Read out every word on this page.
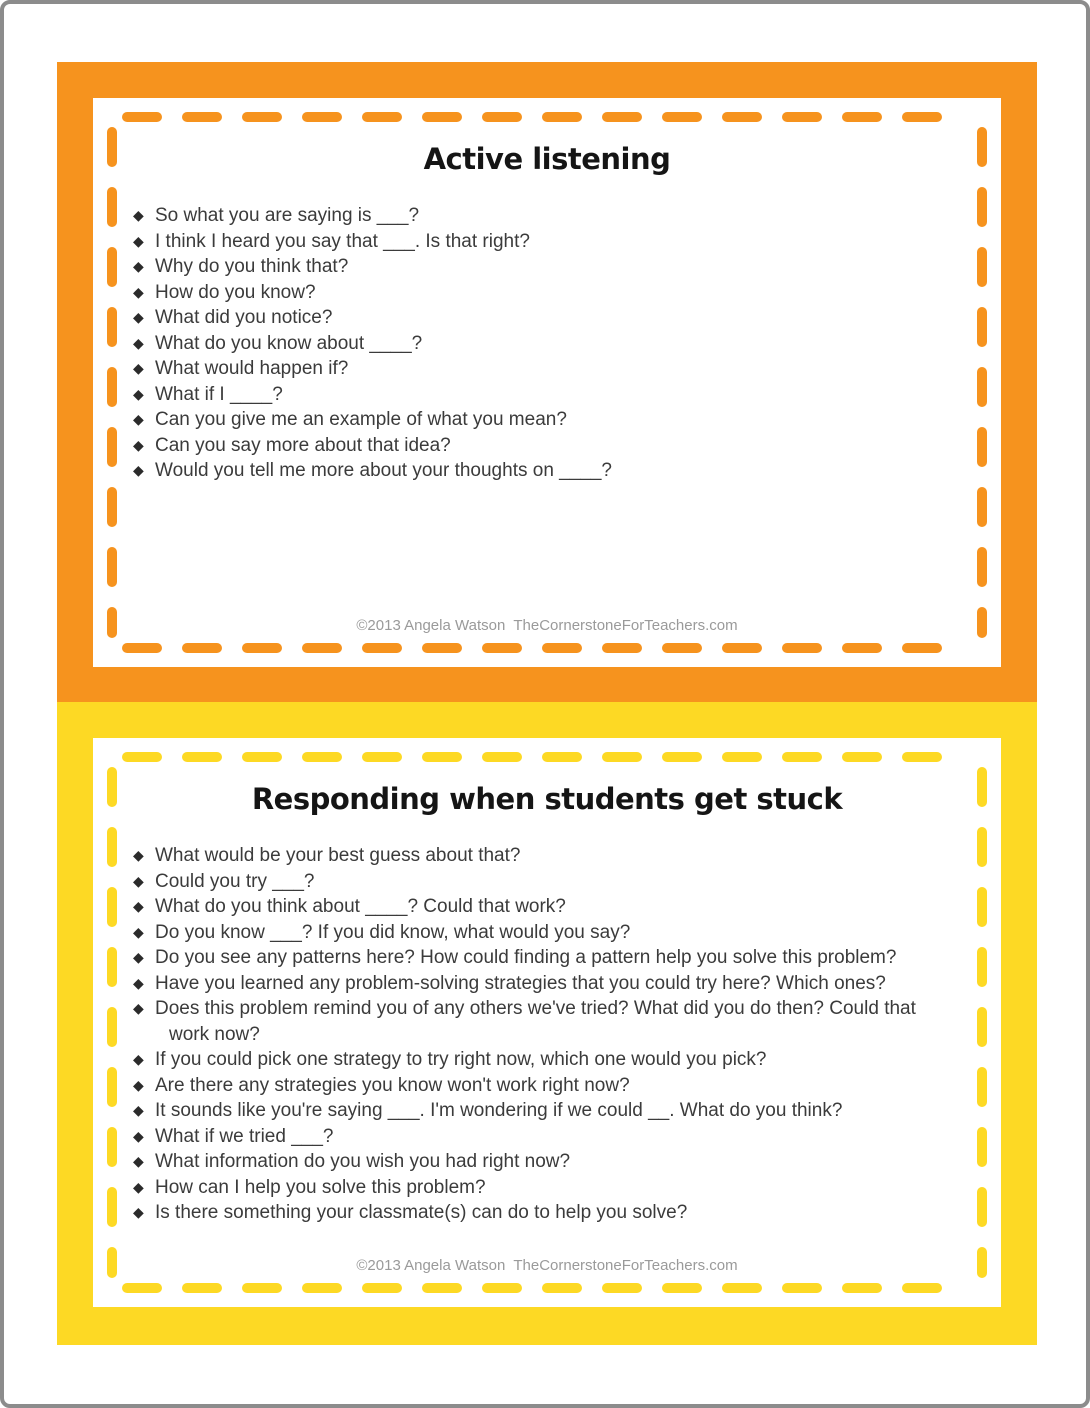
Active listening
◆ So what you are saying is ___?
◆ I think I heard you say that ___. Is that right?
◆ Why do you think that?
◆ How do you know?
◆ What did you notice?
◆ What do you know about ____?
◆ What would happen if?
◆ What if I ____?
◆ Can you give me an example of what you mean?
◆ Can you say more about that idea?
◆ Would you tell me more about your thoughts on ____?
©2013 Angela Watson  TheCornerstoneForTeachers.com
Responding when students get stuck
◆ What would be your best guess about that?
◆ Could you try ___?
◆ What do you think about ____? Could that work?
◆ Do you know ___? If you did know, what would you say?
◆ Do you see any patterns here? How could finding a pattern help you solve this problem?
◆ Have you learned any problem-solving strategies that you could try here? Which ones?
◆ Does this problem remind you of any others we've tried? What did you do then? Could that work now?
◆ If you could pick one strategy to try right now, which one would you pick?
◆ Are there any strategies you know won't work right now?
◆ It sounds like you're saying ___. I'm wondering if we could __. What do you think?
◆ What if we tried ___?
◆ What information do you wish you had right now?
◆ How can I help you solve this problem?
◆ Is there something your classmate(s) can do to help you solve?
©2013 Angela Watson  TheCornerstoneForTeachers.com
